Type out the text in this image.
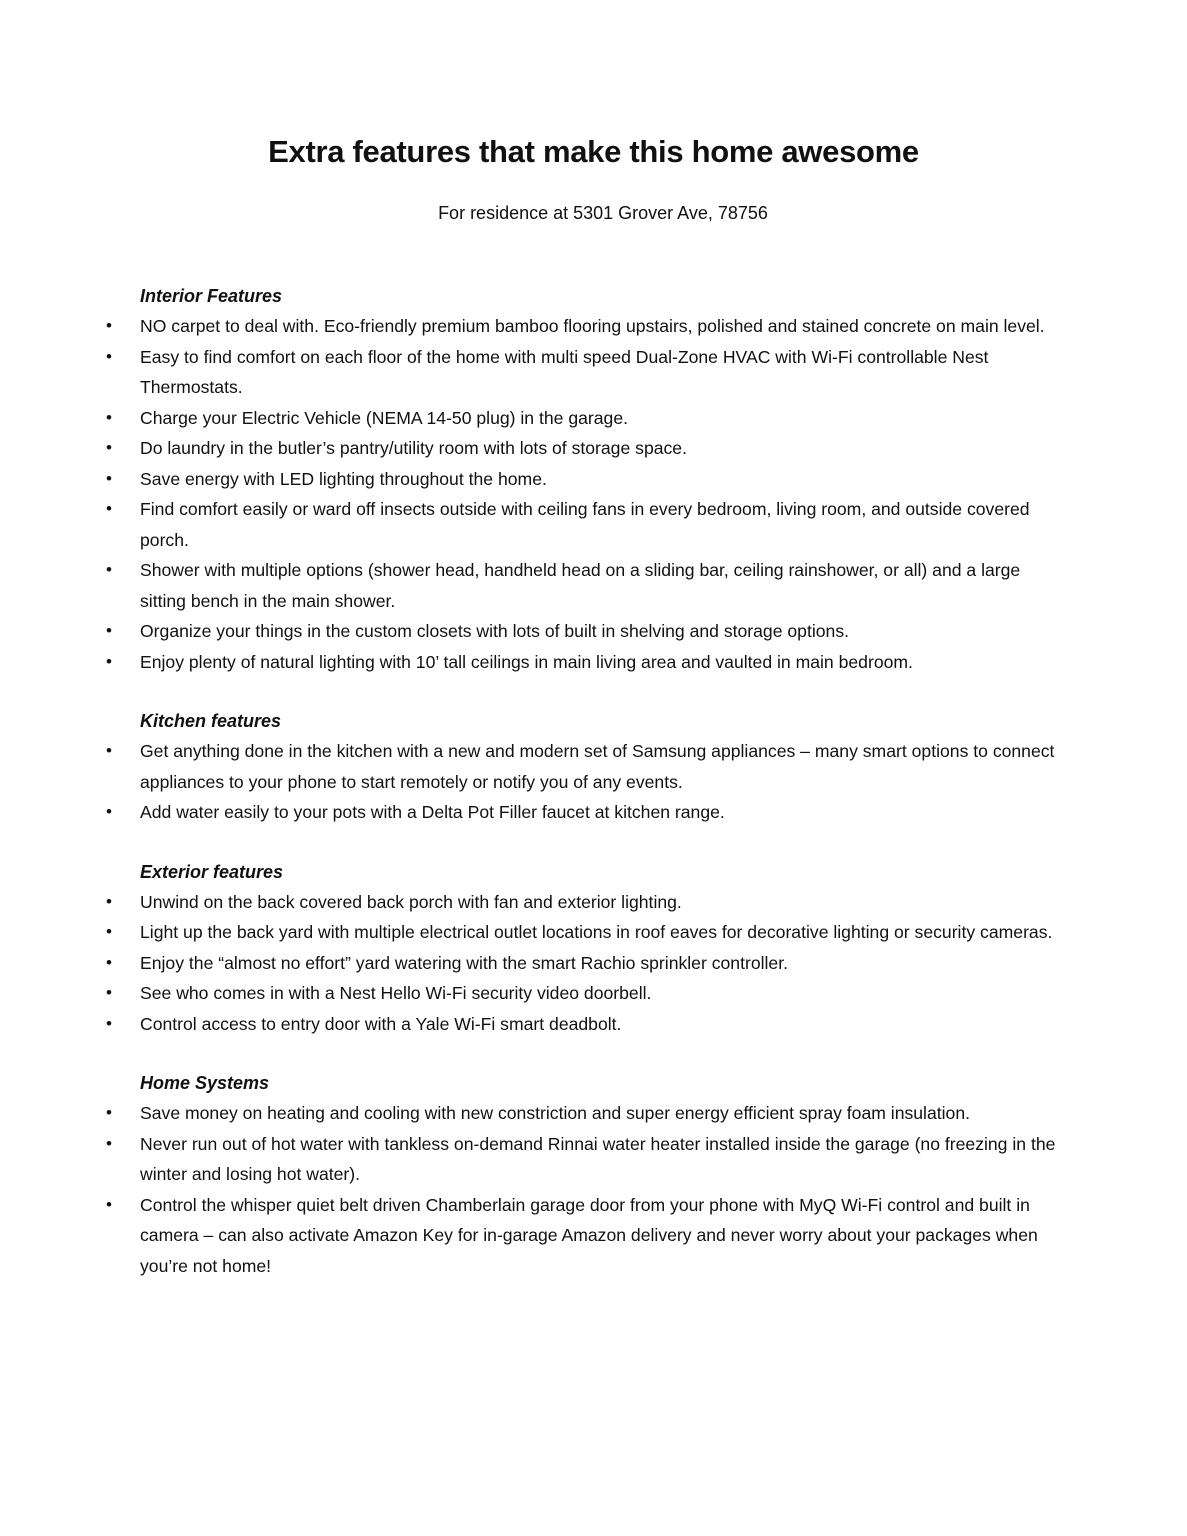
Extra features that make this home awesome

For residence at 5301 Grover Ave, 78756

Interior Features
• NO carpet to deal with. Eco-friendly premium bamboo flooring upstairs, polished and stained concrete on main level.
• Easy to find comfort on each floor of the home with multi speed Dual-Zone HVAC with Wi-Fi controllable Nest Thermostats.
• Charge your Electric Vehicle (NEMA 14-50 plug) in the garage.
• Do laundry in the butler’s pantry/utility room with lots of storage space.
• Save energy with LED lighting throughout the home.
• Find comfort easily or ward off insects outside with ceiling fans in every bedroom, living room, and outside covered porch.
• Shower with multiple options (shower head, handheld head on a sliding bar, ceiling rainshower, or all) and a large sitting bench in the main shower.
• Organize your things in the custom closets with lots of built in shelving and storage options.
• Enjoy plenty of natural lighting with 10’ tall ceilings in main living area and vaulted in main bedroom.
Kitchen features
• Get anything done in the kitchen with a new and modern set of Samsung appliances – many smart options to connect appliances to your phone to start remotely or notify you of any events.
• Add water easily to your pots with a Delta Pot Filler faucet at kitchen range.
Exterior features
• Unwind on the back covered back porch with fan and exterior lighting.
• Light up the back yard with multiple electrical outlet locations in roof eaves for decorative lighting or security cameras.
• Enjoy the “almost no effort” yard watering with the smart Rachio sprinkler controller.
• See who comes in with a Nest Hello Wi-Fi security video doorbell.
• Control access to entry door with a Yale Wi-Fi smart deadbolt.
Home Systems
• Save money on heating and cooling with new constriction and super energy efficient spray foam insulation.
• Never run out of hot water with tankless on-demand Rinnai water heater installed inside the garage (no freezing in the winter and losing hot water).
• Control the whisper quiet belt driven Chamberlain garage door from your phone with MyQ Wi-Fi control and built in camera – can also activate Amazon Key for in-garage Amazon delivery and never worry about your packages when you’re not home!
